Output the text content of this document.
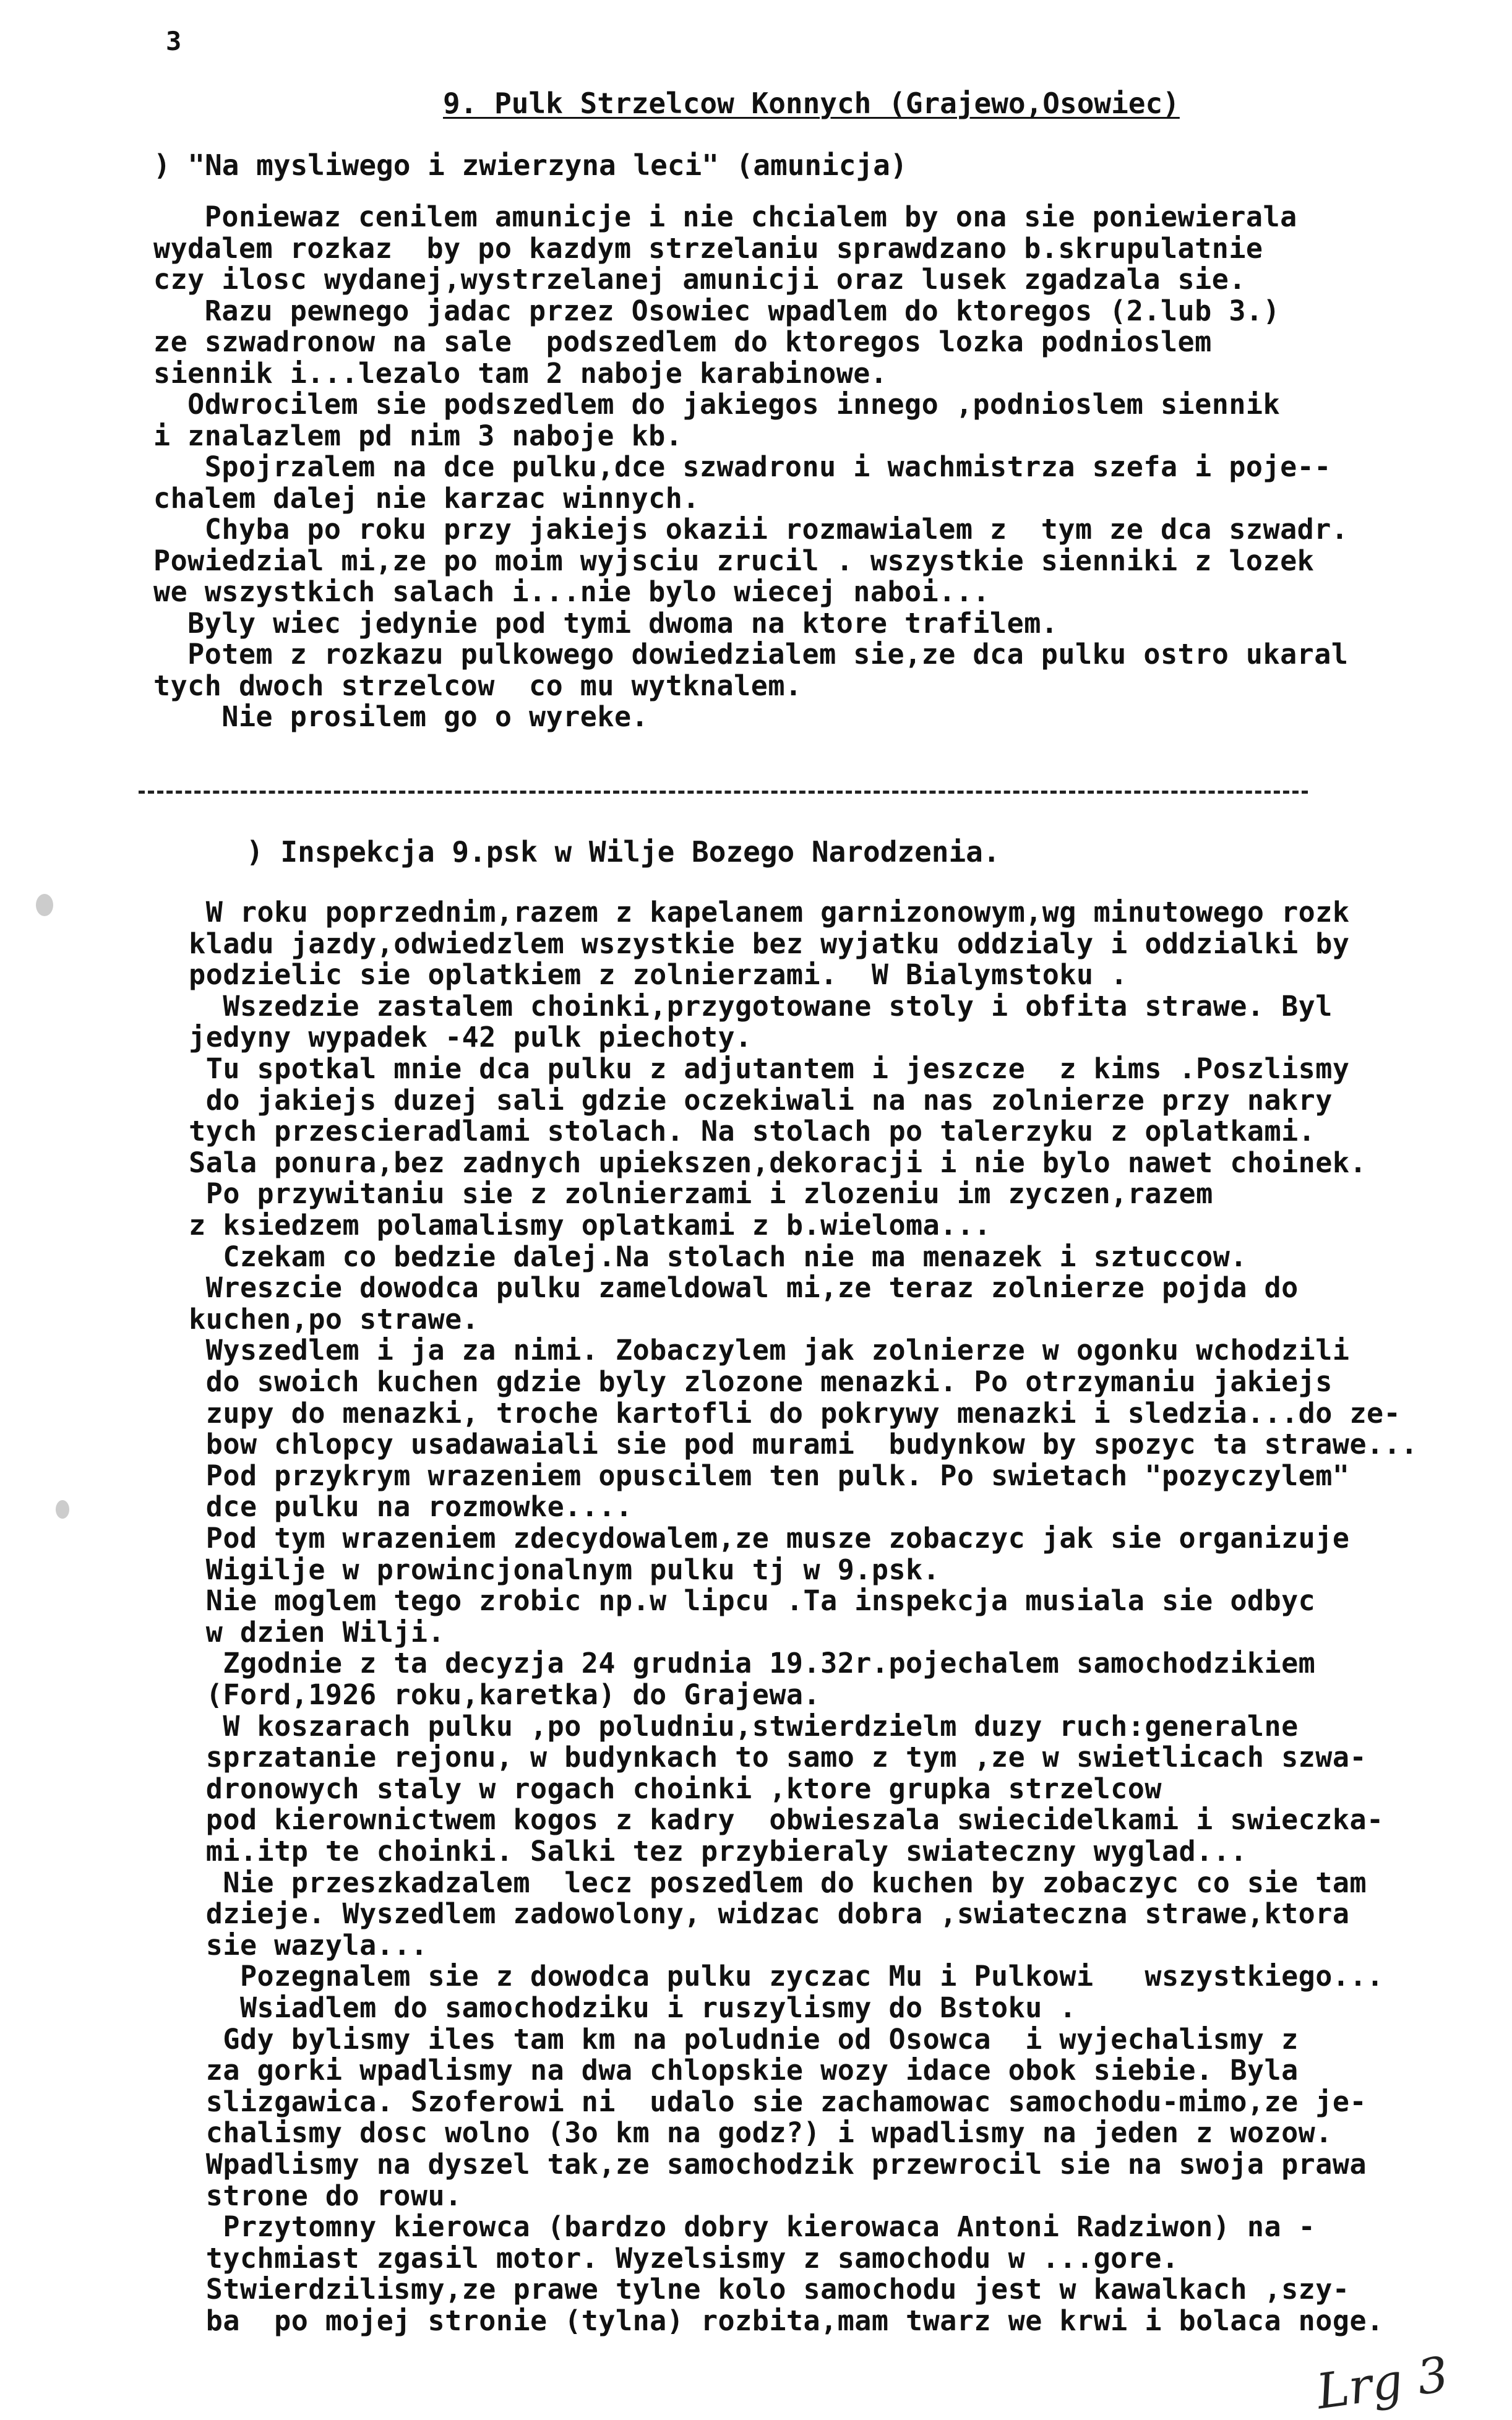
3
9. Pulk Strzelcow Konnych (Grajewo,Osowiec)
) "Na mysliwego i zwierzyna leci" (amunicja)
Poniewaz cenilem amunicje i nie chcialem by ona sie poniewierala
wydalem rozkaz  by po kazdym strzelaniu sprawdzano b.skrupulatnie
czy ilosc wydanej,wystrzelanej amunicji oraz lusek zgadzala sie.
Razu pewnego jadac przez Osowiec wpadlem do ktoregos (2.lub 3.)
ze szwadronow na sale  podszedlem do ktoregos lozka podnioslem
siennik i...lezalo tam 2 naboje karabinowe.
Odwrocilem sie podszedlem do jakiegos innego ,podnioslem siennik
i znalazlem pd nim 3 naboje kb.
Spojrzalem na dce pulku,dce szwadronu i wachmistrza szefa i poje--
chalem dalej nie karzac winnych.
Chyba po roku przy jakiejs okazii rozmawialem z  tym ze dca szwadr.
Powiedzial mi,ze po moim wyjsciu zrucil . wszystkie sienniki z lozek
we wszystkich salach i...nie bylo wiecej naboi...
Byly wiec jedynie pod tymi dwoma na ktore trafilem.
Potem z rozkazu pulkowego dowiedzialem sie,ze dca pulku ostro ukaral
tych dwoch strzelcow  co mu wytknalem.
Nie prosilem go o wyreke.
) Inspekcja 9.psk w Wilje Bozego Narodzenia.
W roku poprzednim,razem z kapelanem garnizonowym,wg minutowego rozk
kladu jazdy,odwiedzlem wszystkie bez wyjatku oddzialy i oddzialki by
podzielic sie oplatkiem z zolnierzami.  W Bialymstoku .
Wszedzie zastalem choinki,przygotowane stoly i obfita strawe. Byl
jedyny wypadek -42 pulk piechoty.
Tu spotkal mnie dca pulku z adjutantem i jeszcze  z kims .Poszlismy
do jakiejs duzej sali gdzie oczekiwali na nas zolnierze przy nakry
tych przescieradlami stolach. Na stolach po talerzyku z oplatkami.
Sala ponura,bez zadnych upiekszen,dekoracji i nie bylo nawet choinek.
Po przywitaniu sie z zolnierzami i zlozeniu im zyczen,razem
z ksiedzem polamalismy oplatkami z b.wieloma...
Czekam co bedzie dalej.Na stolach nie ma menazek i sztuccow.
Wreszcie dowodca pulku zameldowal mi,ze teraz zolnierze pojda do
kuchen,po strawe.
Wyszedlem i ja za nimi. Zobaczylem jak zolnierze w ogonku wchodzili
do swoich kuchen gdzie byly zlozone menazki. Po otrzymaniu jakiejs
zupy do menazki, troche kartofli do pokrywy menazki i sledzia...do ze-
bow chlopcy usadawaiali sie pod murami  budynkow by spozyc ta strawe...
Pod przykrym wrazeniem opuscilem ten pulk. Po swietach "pozyczylem"
dce pulku na rozmowke....
Pod tym wrazeniem zdecydowalem,ze musze zobaczyc jak sie organizuje
Wigilje w prowincjonalnym pulku tj w 9.psk.
Nie moglem tego zrobic np.w lipcu .Ta inspekcja musiala sie odbyc
w dzien Wilji.
Zgodnie z ta decyzja 24 grudnia 19.32r.pojechalem samochodzikiem
(Ford,1926 roku,karetka) do Grajewa.
W koszarach pulku ,po poludniu,stwierdzielm duzy ruch:generalne
sprzatanie rejonu, w budynkach to samo z tym ,ze w swietlicach szwa-
dronowych staly w rogach choinki ,ktore grupka strzelcow
pod kierownictwem kogos z kadry  obwieszala swiecidelkami i swieczka-
mi.itp te choinki. Salki tez przybieraly swiateczny wyglad...
Nie przeszkadzalem  lecz poszedlem do kuchen by zobaczyc co sie tam
dzieje. Wyszedlem zadowolony, widzac dobra ,swiateczna strawe,ktora
sie wazyla...
Pozegnalem sie z dowodca pulku zyczac Mu i Pulkowi   wszystkiego...
Wsiadlem do samochodziku i ruszylismy do Bstoku .
Gdy bylismy iles tam km na poludnie od Osowca  i wyjechalismy z
za gorki wpadlismy na dwa chlopskie wozy idace obok siebie. Byla
slizgawica. Szoferowi ni  udalo sie zachamowac samochodu-mimo,ze je-
chalismy dosc wolno (3o km na godz?) i wpadlismy na jeden z wozow.
Wpadlismy na dyszel tak,ze samochodzik przewrocil sie na swoja prawa
strone do rowu.
Przytomny kierowca (bardzo dobry kierowaca Antoni Radziwon) na -
tychmiast zgasil motor. Wyzelsismy z samochodu w ...gore.
Stwierdzilismy,ze prawe tylne kolo samochodu jest w kawalkach ,szy-
ba  po mojej stronie (tylna) rozbita,mam twarz we krwi i bolaca noge.
Lrg 3
